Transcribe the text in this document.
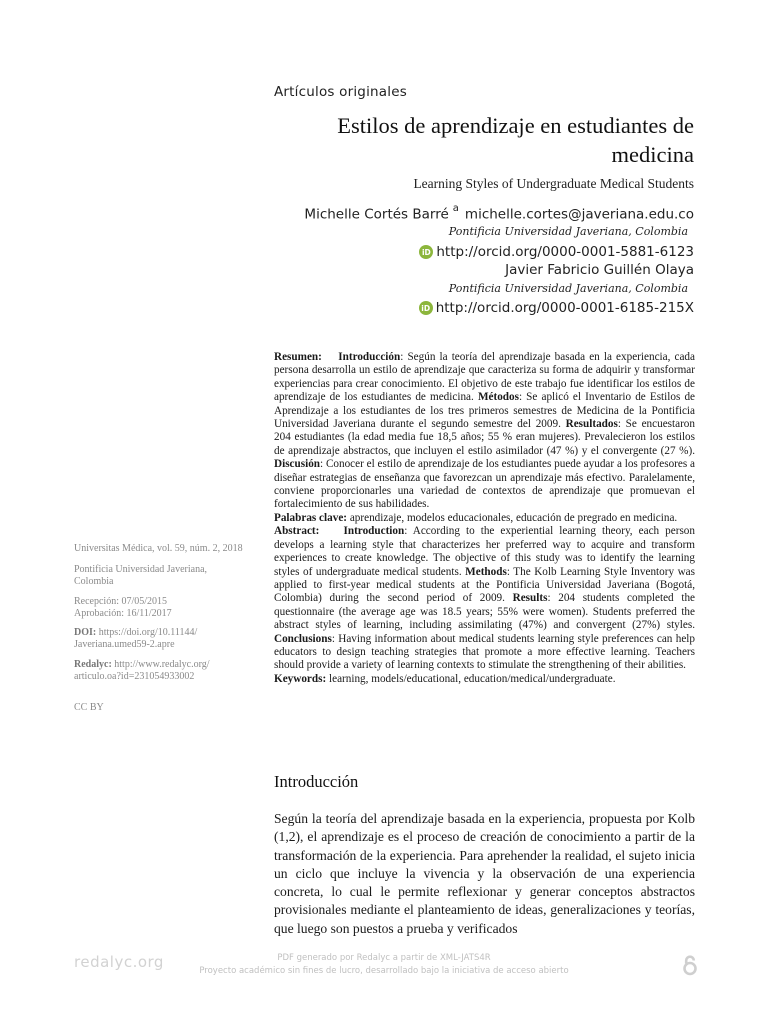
Artículos originales
Estilos de aprendizaje en estudiantes de medicina
Learning Styles of Undergraduate Medical Students
Michelle Cortés Barré $^a$ michelle.cortes@javeriana.edu.co
Pontificia Universidad Javeriana, Colombia
iD http://orcid.org/0000-0001-5881-6123
Javier Fabricio Guillén Olaya
Pontificia Universidad Javeriana, Colombia
iD http://orcid.org/0000-0001-6185-215X

Resumen: Introducción: Según la teoría del aprendizaje basada en la experiencia, cada persona desarrolla un estilo de aprendizaje que caracteriza su forma de adquirir y transformar experiencias para crear conocimiento. El objetivo de este trabajo fue identificar los estilos de aprendizaje de los estudiantes de medicina. Métodos: Se aplicó el Inventario de Estilos de Aprendizaje a los estudiantes de los tres primeros semestres de Medicina de la Pontificia Universidad Javeriana durante el segundo semestre del 2009. Resultados: Se encuestaron 204 estudiantes (la edad media fue 18,5 años; 55 % eran mujeres). Prevalecieron los estilos de aprendizaje abstractos, que incluyen el estilo asimilador (47 %) y el convergente (27 %). Discusión: Conocer el estilo de aprendizaje de los estudiantes puede ayudar a los profesores a diseñar estrategias de enseñanza que favorezcan un aprendizaje más efectivo. Paralelamente, conviene proporcionarles una variedad de contextos de aprendizaje que promuevan el fortalecimiento de sus habilidades.

Palabras clave: aprendizaje, modelos educacionales, educación de pregrado en medicina.

Abstract: Introduction: According to the experiential learning theory, each person develops a learning style that characterizes her preferred way to acquire and transform experiences to create knowledge. The objective of this study was to identify the learning styles of undergraduate medical students. Methods: The Kolb Learning Style Inventory was applied to first-year medical students at the Pontificia Universidad Javeriana (Bogotá, Colombia) during the second period of 2009. Results: 204 students completed the questionnaire (the average age was 18.5 years; 55% were women). Students preferred the abstract styles of learning, including assimilating (47%) and convergent (27%) styles. Conclusions: Having information about medical students learning style preferences can help educators to design teaching strategies that promote a more effective learning. Teachers should provide a variety of learning contexts to stimulate the strengthening of their abilities.

Keywords: learning, models/educational, education/medical/undergraduate.

Universitas Médica, vol. 59, núm. 2, 2018
Pontificia Universidad Javeriana,
Colombia
Recepción: 07/05/2015
Aprobación: 16/11/2017
DOI: https://doi.org/10.11144/
Javeriana.umed59-2.apre
Redalyc: http://www.redalyc.org/
articulo.oa?id=231054933002
CC BY
Introducción

Según la teoría del aprendizaje basada en la experiencia, propuesta por Kolb (1,2), el aprendizaje es el proceso de creación de conocimiento a partir de la transformación de la experiencia. Para aprehender la realidad, el sujeto inicia un ciclo que incluye la vivencia y la observación de una experiencia concreta, lo cual le permite reflexionar y generar conceptos abstractos provisionales mediante el planteamiento de ideas, generalizaciones y teorías, que luego son puestos a prueba y verificados

redalyc.org	PDF generado por Redalyc a partir de XML-JATS4R
Proyecto académico sin fines de lucro, desarrollado bajo la iniciativa de acceso abierto
